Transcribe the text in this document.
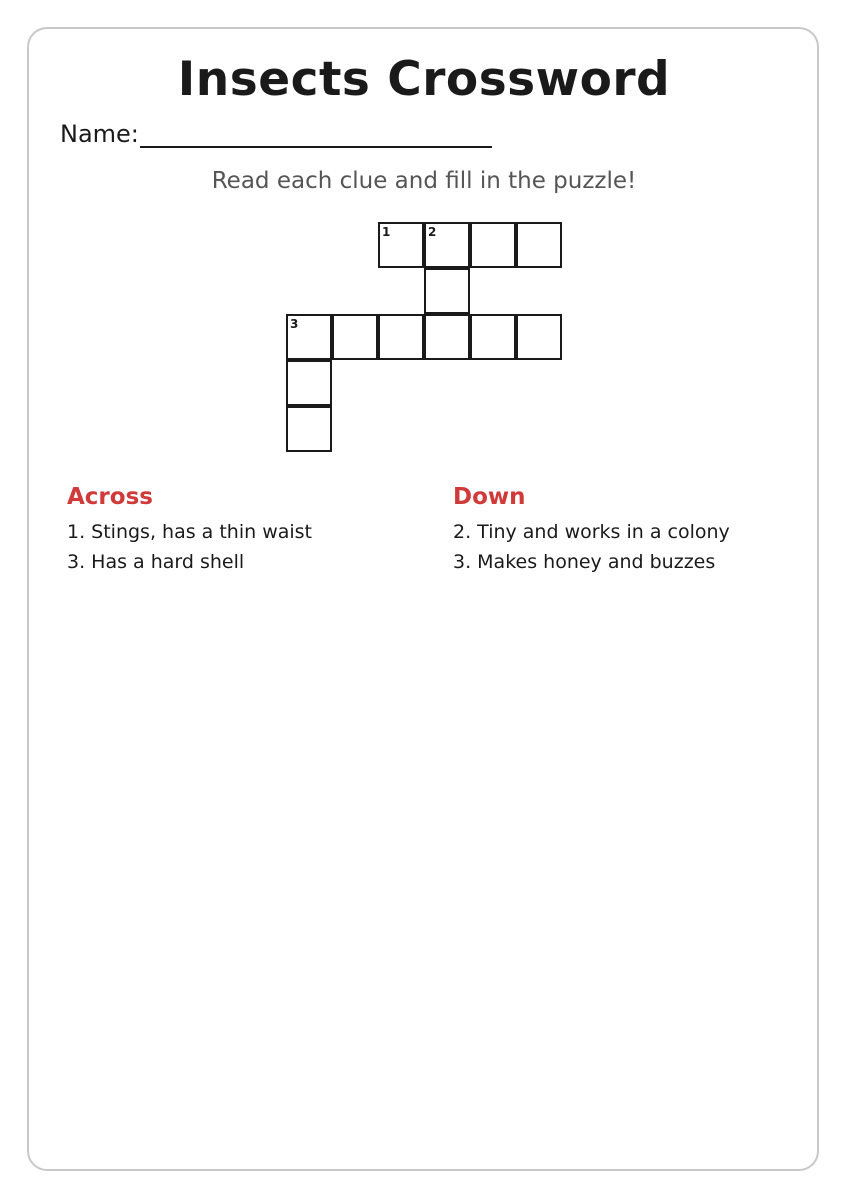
Insects Crossword
Name:
Read each clue and fill in the puzzle!
1	2
3
Across
1. Stings, has a thin waist
3. Has a hard shell
Down
2. Tiny and works in a colony
3. Makes honey and buzzes
